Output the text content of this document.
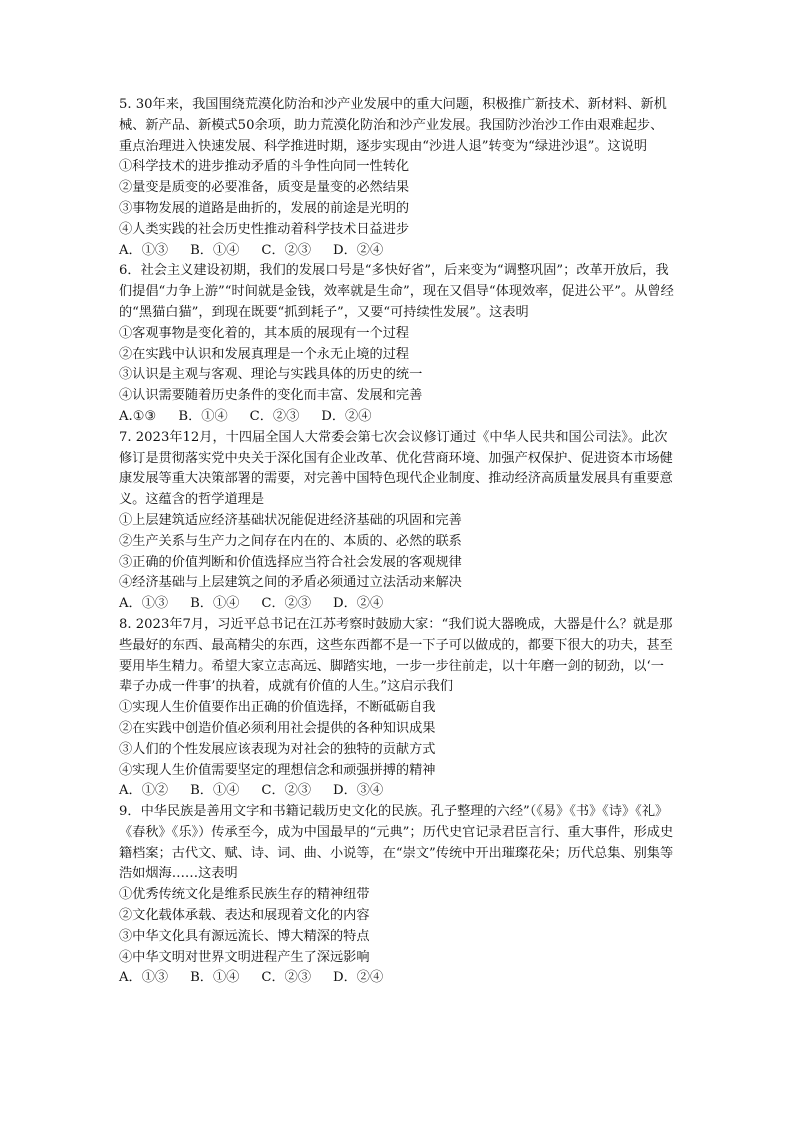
5. 30年来，我国围绕荒漠化防治和沙产业发展中的重大问题，积极推广新技术、新材料、新机械、新产品、新模式50余项，助力荒漠化防治和沙产业发展。我国防沙治沙工作由艰难起步、重点治理进入快速发展、科学推进时期，逐步实现由“沙进人退”转变为“绿进沙退”。这说明
①科学技术的进步推动矛盾的斗争性向同一性转化
②量变是质变的必要准备，质变是量变的必然结果
③事物发展的道路是曲折的，发展的前途是光明的
④人类实践的社会历史性推动着科学技术日益进步
A．①③ B．①④ C．②③ D．②④
6．社会主义建设初期，我们的发展口号是“多快好省”，后来变为“调整巩固”；改革开放后，我们提倡“力争上游”“时间就是金钱，效率就是生命”，现在又倡导“体现效率，促进公平”。从曾经的“黑猫白猫”，到现在既要“抓到耗子”，又要“可持续性发展”。这表明
①客观事物是变化着的，其本质的展现有一个过程
②在实践中认识和发展真理是一个永无止境的过程
③认识是主观与客观、理论与实践具体的历史的统一
④认识需要随着历史条件的变化而丰富、发展和完善
A.①③ B．①④ C．②③ D．②④
7. 2023年12月，十四届全国人大常委会第七次会议修订通过《中华人民共和国公司法》。此次修订是贯彻落实党中央关于深化国有企业改革、优化营商环境、加强产权保护、促进资本市场健康发展等重大决策部署的需要，对完善中国特色现代企业制度、推动经济高质量发展具有重要意义。这蕴含的哲学道理是
①上层建筑适应经济基础状况能促进经济基础的巩固和完善
②生产关系与生产力之间存在内在的、本质的、必然的联系
③正确的价值判断和价值选择应当符合社会发展的客观规律
④经济基础与上层建筑之间的矛盾必须通过立法活动来解决
A．①③ B．①④ C．②③ D．②④
8. 2023年7月，习近平总书记在江苏考察时鼓励大家：“我们说大器晚成，大器是什么？就是那些最好的东西、最高精尖的东西，这些东西都不是一下子可以做成的，都要下很大的功夫，甚至要用毕生精力。希望大家立志高远、脚踏实地，一步一步往前走，以十年磨一剑的韧劲，以‘一辈子办成一件事’的执着，成就有价值的人生。”这启示我们
①实现人生价值要作出正确的价值选择，不断砥砺自我
②在实践中创造价值必须利用社会提供的各种知识成果
③人们的个性发展应该表现为对社会的独特的贡献方式
④实现人生价值需要坚定的理想信念和顽强拼搏的精神
A．①② B．①④ C．②③ D．③④
9．中华民族是善用文字和书籍记载历史文化的民族。孔子整理的六经”（《易》《书》《诗》《礼》《春秋》《乐》）传承至今，成为中国最早的“元典”；历代史官记录君臣言行、重大事件，形成史籍档案；古代文、赋、诗、词、曲、小说等，在“崇文”传统中开出璀璨花朵；历代总集、别集等浩如烟海……这表明
①优秀传统文化是维系民族生存的精神纽带
②文化载体承载、表达和展现着文化的内容
③中华文化具有源远流长、博大精深的特点
④中华文明对世界文明进程产生了深远影响
A．①③ B．①④ C．②③ D．②④
